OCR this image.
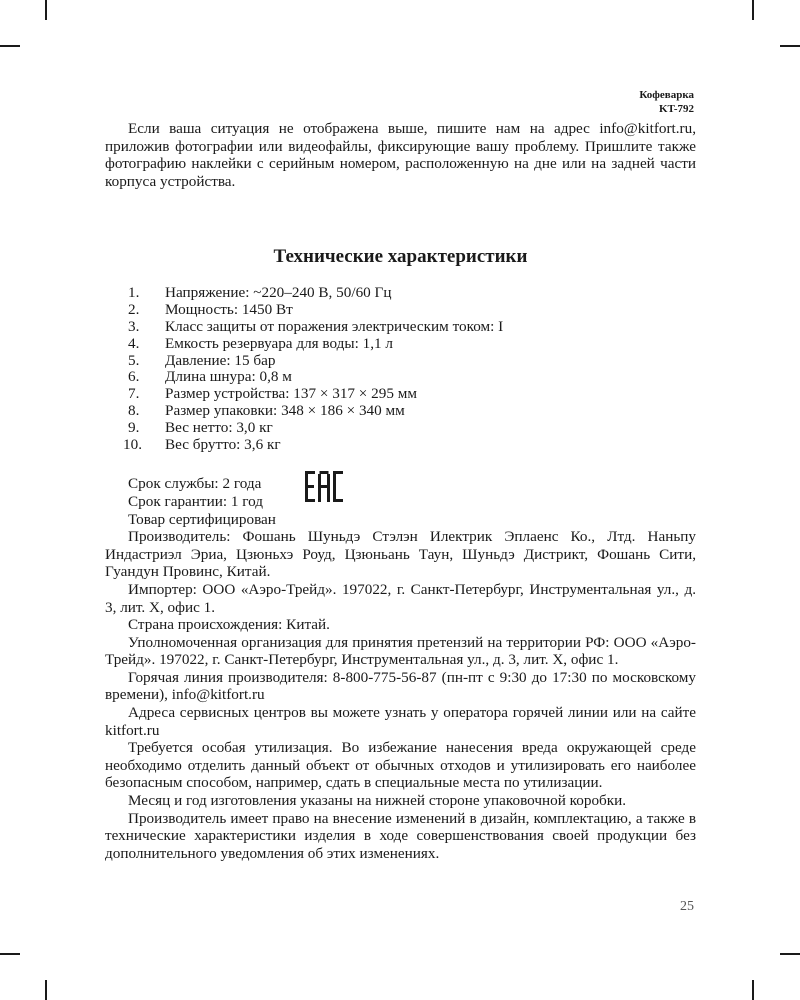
Кофеварка
KT-792

Если ваша ситуация не отображена выше, пишите нам на адрес info@kitfort.ru, приложив фотографии или видеофайлы, фиксирующие вашу проблему. Пришлите также фотографию наклейки с серийным номером, расположенную на дне или на задней части корпуса устройства.

Технические характеристики
1. Напряжение: ~220–240 В, 50/60 Гц
2. Мощность: 1450 Вт
3. Класс защиты от поражения электрическим током: I
4. Емкость резервуара для воды: 1,1 л
5. Давление: 15 бар
6. Длина шнура: 0,8 м
7. Размер устройства: 137 × 317 × 295 мм
8. Размер упаковки: 348 × 186 × 340 мм
9. Вес нетто: 3,0 кг
10. Вес брутто: 3,6 кг
Срок службы: 2 года
Срок гарантии: 1 год
Товар сертифицирован

Производитель: Фошань Шуньдэ Стэлэн Илектрик Эплаенс Ко., Лтд. Наньпу Индастриэл Эриа, Цзюньхэ Роуд, Цзюньань Таун, Шуньдэ Дистрикт, Фошань Сити, Гуандун Провинс, Китай.

Импортер: ООО «Аэро-Трейд». 197022, г. Санкт-Петербург, Инструментальная ул., д. 3, лит. Х, офис 1.

Страна происхождения: Китай.

Уполномоченная организация для принятия претензий на территории РФ: ООО «Аэро-Трейд». 197022, г. Санкт-Петербург, Инструментальная ул., д. 3, лит. Х, офис 1.

Горячая линия производителя: 8-800-775-56-87 (пн-пт с 9:30 до 17:30 по московскому времени), info@kitfort.ru

Адреса сервисных центров вы можете узнать у оператора горячей линии или на сайте kitfort.ru

Требуется особая утилизация. Во избежание нанесения вреда окружающей среде необходимо отделить данный объект от обычных отходов и утилизировать его наиболее безопасным способом, например, сдать в специальные места по утилизации.

Месяц и год изготовления указаны на нижней стороне упаковочной коробки.

Производитель имеет право на внесение изменений в дизайн, комплектацию, а также в технические характеристики изделия в ходе совершенствования своей продукции без дополнительного уведомления об этих изменениях.

25
